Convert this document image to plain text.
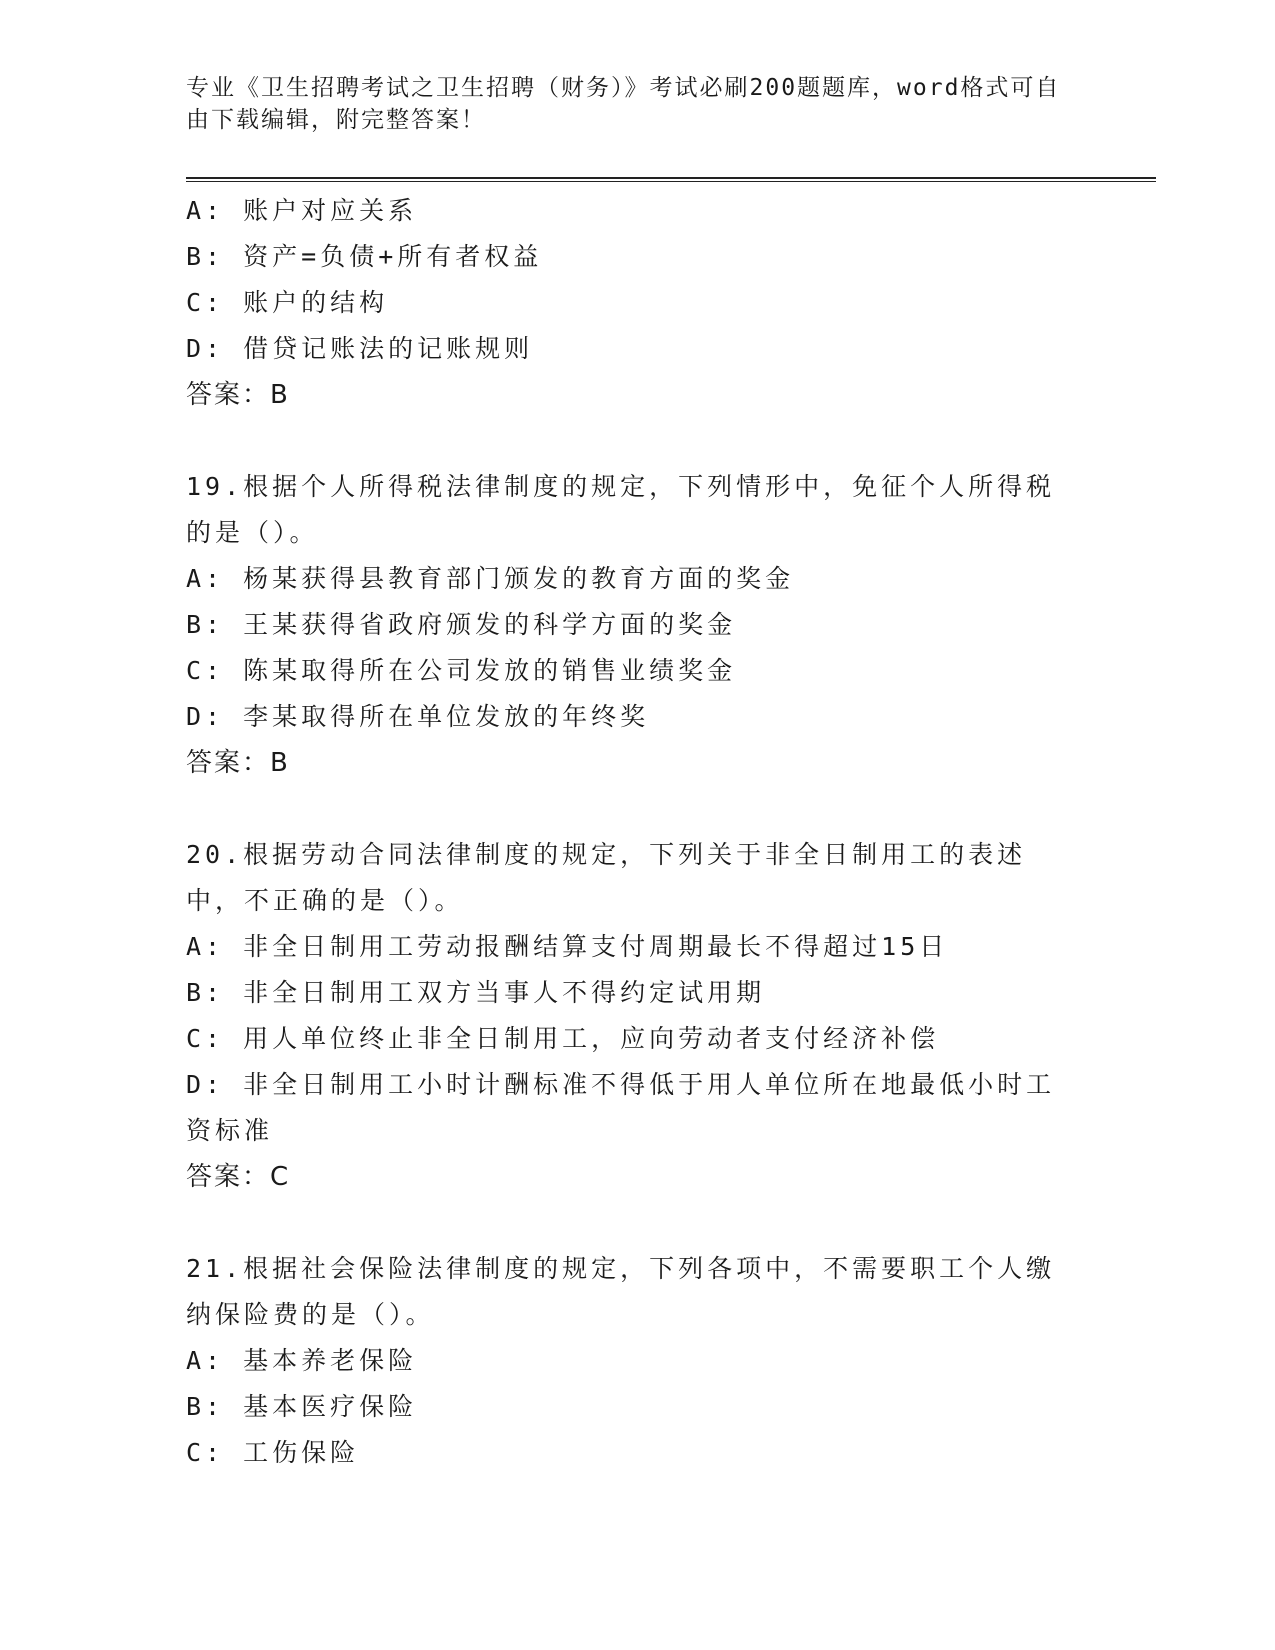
专业《卫生招聘考试之卫生招聘（财务）》考试必刷200题题库，word格式可自由下载编辑，附完整答案！
A: 账户对应关系
B: 资产=负债+所有者权益
C: 账户的结构
D: 借贷记账法的记账规则
答案：B
19.根据个人所得税法律制度的规定，下列情形中，免征个人所得税的是（）。
A: 杨某获得县教育部门颁发的教育方面的奖金
B: 王某获得省政府颁发的科学方面的奖金
C: 陈某取得所在公司发放的销售业绩奖金
D: 李某取得所在单位发放的年终奖
答案：B
20.根据劳动合同法律制度的规定，下列关于非全日制用工的表述中，不正确的是（）。
A: 非全日制用工劳动报酬结算支付周期最长不得超过15日
B: 非全日制用工双方当事人不得约定试用期
C: 用人单位终止非全日制用工，应向劳动者支付经济补偿
D: 非全日制用工小时计酬标准不得低于用人单位所在地最低小时工资标准
答案：C
21.根据社会保险法律制度的规定，下列各项中，不需要职工个人缴纳保险费的是（）。
A: 基本养老保险
B: 基本医疗保险
C: 工伤保险
